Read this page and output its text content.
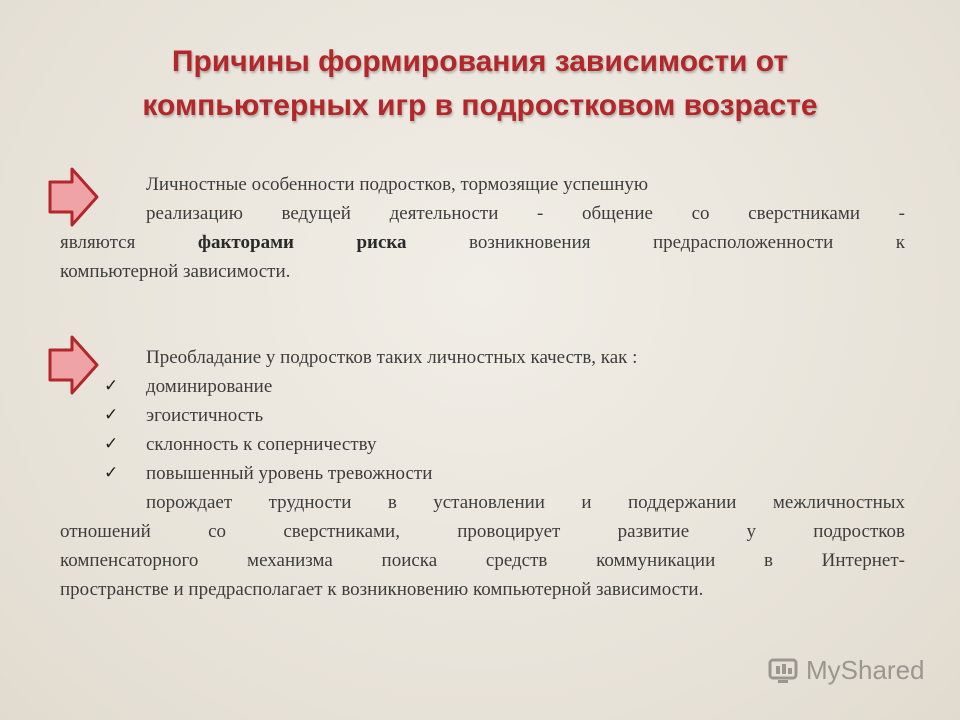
Причины формирования зависимости от
компьютерных игр в подростковом возрасте
Личностные особенности подростков, тормозящие успешную
реализацию ведущей деятельности - общение со сверстниками -
являются	факторами риска	возникновения предрасположенности к
компьютерной зависимости.
Преобладание у подростков таких личностных качеств, как :
✓ доминирование
✓ эгоистичность
✓ склонность к соперничеству
✓ повышенный уровень тревожности
порождает трудности в установлении и поддержании межличностных
отношений со сверстниками, провоцирует развитие у подростков
компенсаторного механизма поиска средств коммуникации в Интернет-
пространстве и предрасполагает к возникновению компьютерной зависимости.
MyShared
